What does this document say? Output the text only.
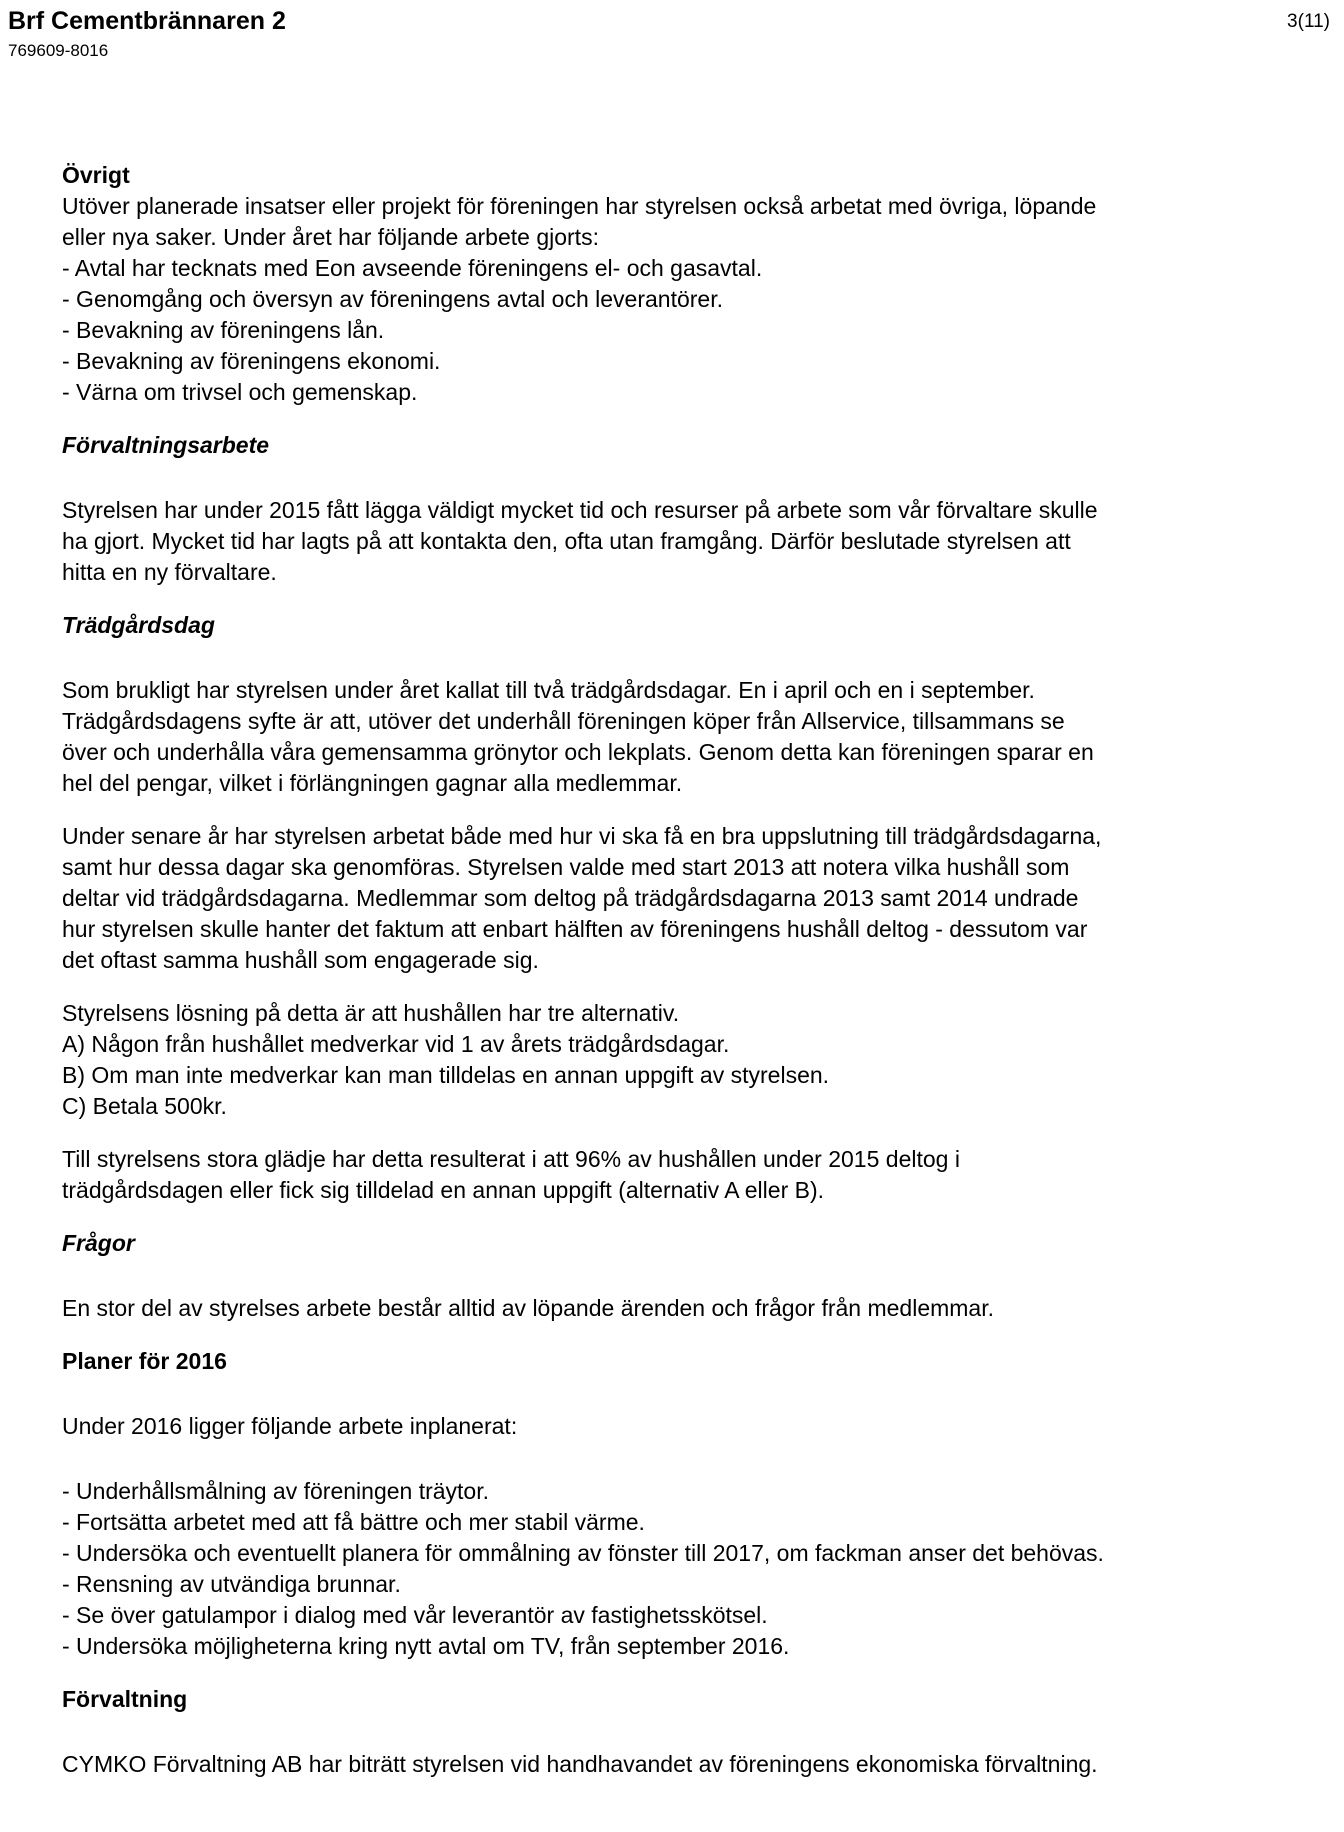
Brf Cementbrännaren 2
769609-8016
3(11)

Övrigt

Utöver planerade insatser eller projekt för föreningen har styrelsen också arbetat med övriga, löpande
eller nya saker. Under året har följande arbete gjorts:
- Avtal har tecknats med Eon avseende föreningens el- och gasavtal.
- Genomgång och översyn av föreningens avtal och leverantörer.
- Bevakning av föreningens lån.
- Bevakning av föreningens ekonomi.
- Värna om trivsel och gemenskap.

Förvaltningsarbete

Styrelsen har under 2015 fått lägga väldigt mycket tid och resurser på arbete som vår förvaltare skulle
ha gjort. Mycket tid har lagts på att kontakta den, ofta utan framgång. Därför beslutade styrelsen att
hitta en ny förvaltare.

Trädgårdsdag

Som brukligt har styrelsen under året kallat till två trädgårdsdagar. En i april och en i september.
Trädgårdsdagens syfte är att, utöver det underhåll föreningen köper från Allservice, tillsammans se
över och underhålla våra gemensamma grönytor och lekplats. Genom detta kan föreningen sparar en
hel del pengar, vilket i förlängningen gagnar alla medlemmar.
Under senare år har styrelsen arbetat både med hur vi ska få en bra uppslutning till trädgårdsdagarna,
samt hur dessa dagar ska genomföras. Styrelsen valde med start 2013 att notera vilka hushåll som
deltar vid trädgårdsdagarna. Medlemmar som deltog på trädgårdsdagarna 2013 samt 2014 undrade
hur styrelsen skulle hanter det faktum att enbart hälften av föreningens hushåll deltog - dessutom var
det oftast samma hushåll som engagerade sig.
Styrelsens lösning på detta är att hushållen har tre alternativ.
A) Någon från hushållet medverkar vid 1 av årets trädgårdsdagar.
B) Om man inte medverkar kan man tilldelas en annan uppgift av styrelsen.
C) Betala 500kr.
Till styrelsens stora glädje har detta resulterat i att 96% av hushållen under 2015 deltog i
trädgårdsdagen eller fick sig tilldelad en annan uppgift (alternativ A eller B).

Frågor

En stor del av styrelses arbete består alltid av löpande ärenden och frågor från medlemmar.

Planer för 2016

Under 2016 ligger följande arbete inplanerat:

- Underhållsmålning av föreningen träytor.
- Fortsätta arbetet med att få bättre och mer stabil värme.
- Undersöka och eventuellt planera för ommålning av fönster till 2017, om fackman anser det behövas.
- Rensning av utvändiga brunnar.
- Se över gatulampor i dialog med vår leverantör av fastighetsskötsel.
- Undersöka möjligheterna kring nytt avtal om TV, från september 2016.

Förvaltning

CYMKO Förvaltning AB har biträtt styrelsen vid handhavandet av föreningens ekonomiska förvaltning.
